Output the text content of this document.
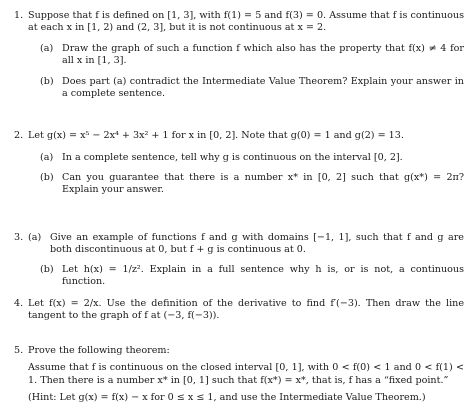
1. Suppose that f is defined on [1, 3], with f(1) = 5 and f(3) = 0. Assume that f is continuous at each x in [1, 2) and (2, 3], but it is not continuous at x = 2.
(a) Draw the graph of such a function f which also has the property that f(x) ≠ 4 for all x in [1, 3].
(b) Does part (a) contradict the Intermediate Value Theorem? Explain your answer in a complete sentence.
2. Let g(x) = x⁵ − 2x⁴ + 3x² + 1 for x in [0, 2]. Note that g(0) = 1 and g(2) = 13.
(a) In a complete sentence, tell why g is continuous on the interval [0, 2].
(b) Can you guarantee that there is a number x* in [0, 2] such that g(x*) = 2π? Explain your answer.
3. (a) Give an example of functions f and g with domains [−1, 1], such that f and g are both discontinuous at 0, but f + g is continuous at 0.
(b) Let h(x) = 1/z². Explain in a full sentence why h is, or is not, a continuous function.
4. Let f(x) = 2/x. Use the definition of the derivative to find f′(−3). Then draw the line tangent to the graph of f at (−3, f(−3)).
5. Prove the following theorem:
Assume that f is continuous on the closed interval [0, 1], with 0 < f(0) < 1 and 0 < f(1) < 1. Then there is a number x* in [0, 1] such that f(x*) = x*, that is, f has a “fixed point.”
(Hint: Let g(x) = f(x) − x for 0 ≤ x ≤ 1, and use the Intermediate Value Theorem.)
